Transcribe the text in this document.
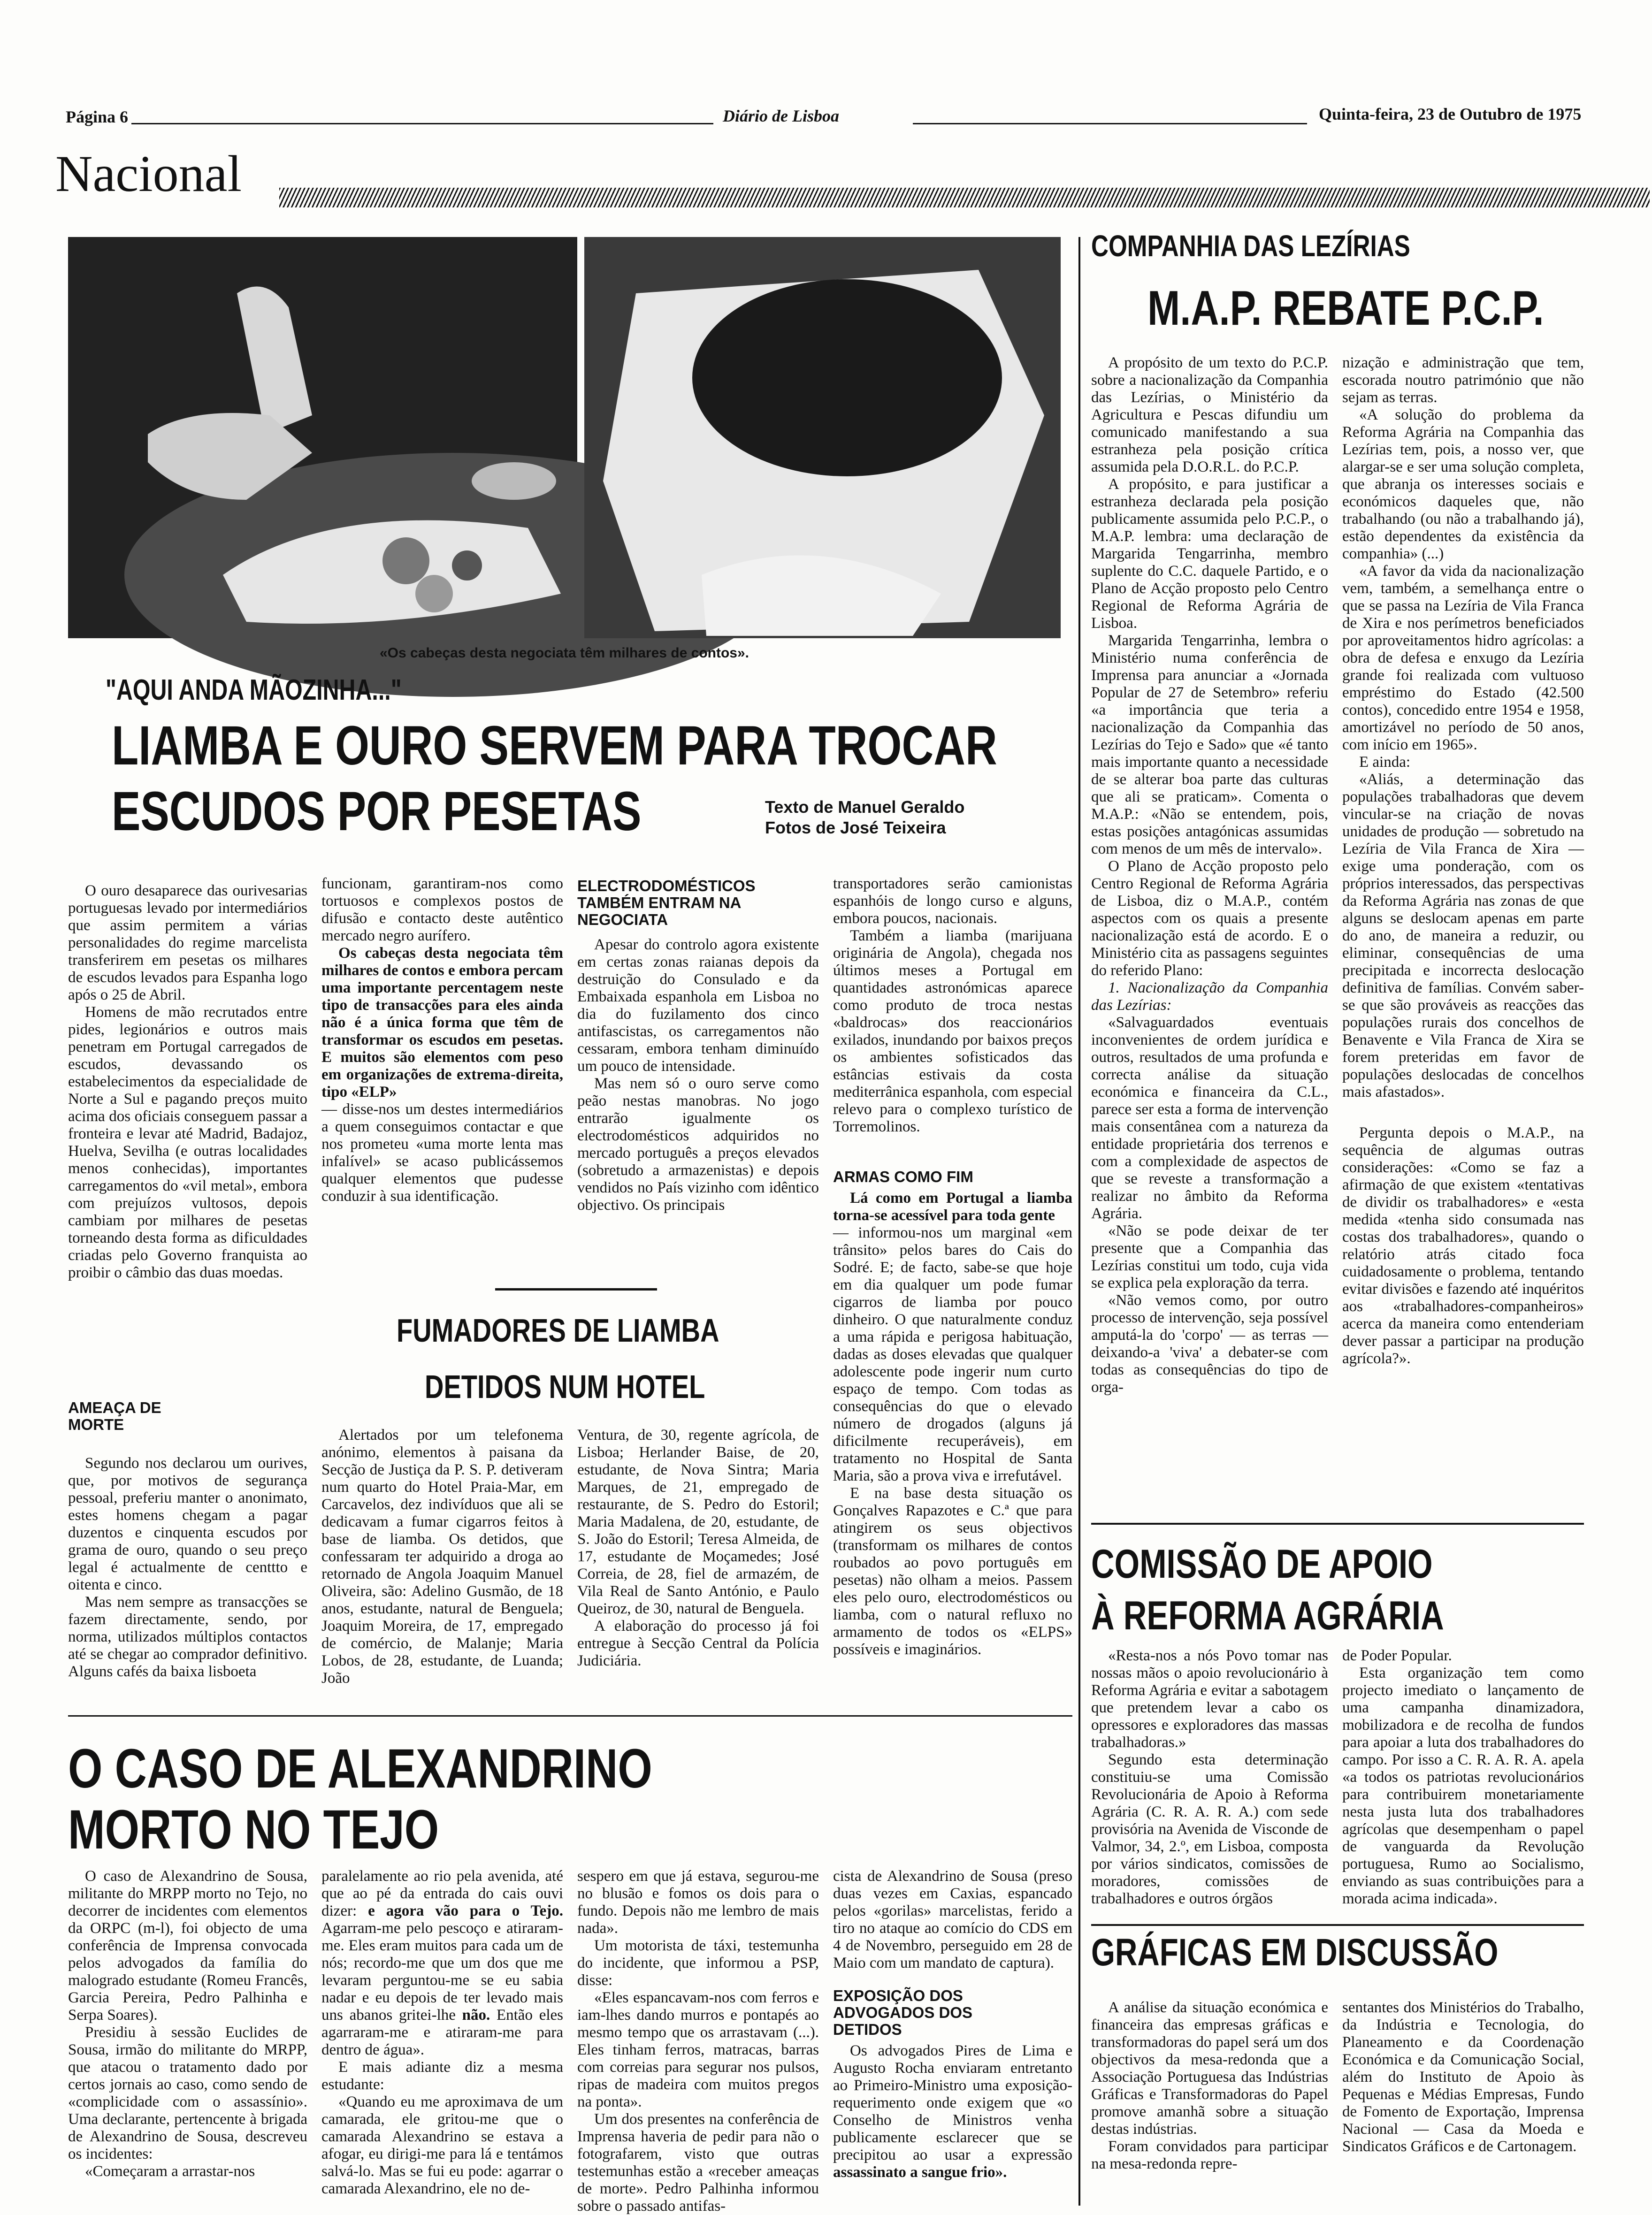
Página 6	Diário de Lisboa	Quinta-feira, 23 de Outubro de 1975
Nacional
«Os cabeças desta negociata têm milhares de contos».
"AQUI ANDA MÃOZINHA..."
LIAMBA E OURO SERVEM PARA TROCAR
ESCUDOS POR PESETAS	Texto de Manuel Geraldo
Fotos de José Teixeira

O ouro desaparece das ourivesarias portuguesas levado por intermediários que assim permitem a várias personalidades do regime marcelista transferirem em pesetas os milhares de escudos levados para Espanha logo após o 25 de Abril.

Homens de mão recrutados entre pides, legionários e outros mais penetram em Portugal carregados de escudos, devassando os estabelecimentos da especialidade de Norte a Sul e pagando preços muito acima dos oficiais conseguem passar a fronteira e levar até Madrid, Badajoz, Huelva, Sevilha (e outras localidades menos conhecidas), importantes carregamentos do «vil metal», embora com prejuízos vultosos, depois cambiam por milhares de pesetas torneando desta forma as dificuldades criadas pelo Governo franquista ao proibir o câmbio das duas moedas.

AMEAÇA DE MORTE

Segundo nos declarou um ourives, que, por motivos de segurança pessoal, preferiu manter o anonimato, estes homens chegam a pagar duzentos e cinquenta escudos por grama de ouro, quando o seu preço legal é actualmente de centtto e oitenta e cinco.

Mas nem sempre as transacções se fazem directamente, sendo, por norma, utilizados múltiplos contactos até se chegar ao comprador definitivo. Alguns cafés da baixa lisboeta

funcionam, garantiram-nos como tortuosos e complexos postos de difusão e contacto deste autêntico mercado negro aurífero.

Os cabeças desta negociata têm milhares de contos e embora percam uma importante percentagem neste tipo de transacções para eles ainda não é a única forma que têm de transformar os escudos em pesetas. E muitos são elementos com peso em organizações de extrema-direita, tipo «ELP»

— disse-nos um destes intermediários a quem conseguimos contactar e que nos prometeu «uma morte lenta mas infalível» se acaso publicássemos qualquer elementos que pudesse conduzir à sua identificação.

ELECTRODOMÉSTICOS TAMBÉM ENTRAM NA NEGOCIATA

Apesar do controlo agora existente em certas zonas raianas depois da destruição do Consulado e da Embaixada espanhola em Lisboa no dia do fuzilamento dos cinco antifascistas, os carregamentos não cessaram, embora tenham diminuído um pouco de intensidade.

Mas nem só o ouro serve como peão nestas manobras. No jogo entrarão igualmente os electrodomésticos adquiridos no mercado português a preços elevados (sobretudo a armazenistas) e depois vendidos no País vizinho com idêntico objectivo. Os principais

transportadores serão camionistas espanhóis de longo curso e alguns, embora poucos, nacionais.

Também a liamba (marijuana originária de Angola), chegada nos últimos meses a Portugal em quantidades astronómicas aparece como produto de troca nestas «baldrocas» dos reaccionários exilados, inundando por baixos preços os ambientes sofisticados das estâncias estivais da costa mediterrânica espanhola, com especial relevo para o complexo turístico de Torremolinos.

ARMAS COMO FIM

Lá como em Portugal a liamba torna-se acessível para toda gente

— informou-nos um marginal «em trânsito» pelos bares do Cais do Sodré. E; de facto, sabe-se que hoje em dia qualquer um pode fumar cigarros de liamba por pouco dinheiro. O que naturalmente conduz a uma rápida e perigosa habituação, dadas as doses elevadas que qualquer adolescente pode ingerir num curto espaço de tempo. Com todas as consequências do que o elevado número de drogados (alguns já dificilmente recuperáveis), em tratamento no Hospital de Santa Maria, são a prova viva e irrefutável.

E na base desta situação os Gonçalves Rapazotes e C.ª que para atingirem os seus objectivos (transformam os milhares de contos roubados ao povo português em pesetas) não olham a meios. Passem eles pelo ouro, electrodomésticos ou liamba, com o natural refluxo no armamento de todos os «ELPS» possíveis e imaginários.

FUMADORES DE LIAMBA
DETIDOS NUM HOTEL

Alertados por um telefonema anónimo, elementos à paisana da Secção de Justiça da P. S. P. detiveram num quarto do Hotel Praia-Mar, em Carcavelos, dez indivíduos que ali se dedicavam a fumar cigarros feitos à base de liamba. Os detidos, que confessaram ter adquirido a droga ao retornado de Angola Joaquim Manuel Oliveira, são: Adelino Gusmão, de 18 anos, estudante, natural de Benguela; Joaquim Moreira, de 17, empregado de comércio, de Malanje; Maria Lobos, de 28, estudante, de Luanda; João

Ventura, de 30, regente agrícola, de Lisboa; Herlander Baise, de 20, estudante, de Nova Sintra; Maria Marques, de 21, empregado de restaurante, de S. Pedro do Estoril; Maria Madalena, de 20, estudante, de S. João do Estoril; Teresa Almeida, de 17, estudante de Moçamedes; José Correia, de 28, fiel de armazém, de Vila Real de Santo António, e Paulo Queiroz, de 30, natural de Benguela.

A elaboração do processo já foi entregue à Secção Central da Polícia Judiciária.

O CASO DE ALEXANDRINO
MORTO NO TEJO

O caso de Alexandrino de Sousa, militante do MRPP morto no Tejo, no decorrer de incidentes com elementos da ORPC (m-l), foi objecto de uma conferência de Imprensa convocada pelos advogados da família do malogrado estudante (Romeu Francês, Garcia Pereira, Pedro Palhinha e Serpa Soares).

Presidiu à sessão Euclides de Sousa, irmão do militante do MRPP, que atacou o tratamento dado por certos jornais ao caso, como sendo de «complicidade com o assassínio». Uma declarante, pertencente à brigada de Alexandrino de Sousa, descreveu os incidentes:

«Começaram a arrastar-nos

paralelamente ao rio pela avenida, até que ao pé da entrada do cais ouvi dizer: e agora vão para o Tejo. Agarram-me pelo pescoço e atiraram-me. Eles eram muitos para cada um de nós; recordo-me que um dos que me levaram perguntou-me se eu sabia nadar e eu depois de ter levado mais uns abanos gritei-lhe não. Então eles agarraram-me e atiraram-me para dentro de água».

E mais adiante diz a mesma estudante:

«Quando eu me aproximava de um camarada, ele gritou-me que o camarada Alexandrino se estava a afogar, eu dirigi-me para lá e tentámos salvá-lo. Mas se fui eu pode: agarrar o camarada Alexandrino, ele no de-

sespero em que já estava, segurou-me no blusão e fomos os dois para o fundo. Depois não me lembro de mais nada».

Um motorista de táxi, testemunha do incidente, que informou a PSP, disse:

«Eles espancavam-nos com ferros e iam-lhes dando murros e pontapés ao mesmo tempo que os arrastavam (...). Eles tinham ferros, matracas, barras com correias para segurar nos pulsos, ripas de madeira com muitos pregos na ponta».

Um dos presentes na conferência de Imprensa haveria de pedir para não o fotografarem, visto que outras testemunhas estão a «receber ameaças de morte». Pedro Palhinha informou sobre o passado antifas-

cista de Alexandrino de Sousa (preso duas vezes em Caxias, espancado pelos «gorilas» marcelistas, ferido a tiro no ataque ao comício do CDS em 4 de Novembro, perseguido em 28 de Maio com um mandato de captura).

EXPOSIÇÃO DOS ADVOGADOS DOS DETIDOS

Os advogados Pires de Lima e Augusto Rocha enviaram entretanto ao Primeiro-Ministro uma exposição-requerimento onde exigem que «o Conselho de Ministros venha publicamente esclarecer que se precipitou ao usar a expressão assassinato a sangue frio».

COMPANHIA DAS LEZÍRIAS
M.A.P. REBATE P.C.P.

A propósito de um texto do P.C.P. sobre a nacionalização da Companhia das Lezírias, o Ministério da Agricultura e Pescas difundiu um comunicado manifestando a sua estranheza pela posição crítica assumida pela D.O.R.L. do P.C.P.

A propósito, e para justificar a estranheza declarada pela posição publicamente assumida pelo P.C.P., o M.A.P. lembra: uma declaração de Margarida Tengarrinha, membro suplente do C.C. daquele Partido, e o Plano de Acção proposto pelo Centro Regional de Reforma Agrária de Lisboa.

Margarida Tengarrinha, lembra o Ministério numa conferência de Imprensa para anunciar a «Jornada Popular de 27 de Setembro» referiu «a importância que teria a nacionalização da Companhia das Lezírias do Tejo e Sado» que «é tanto mais importante quanto a necessidade de se alterar boa parte das culturas que ali se praticam». Comenta o M.A.P.: «Não se entendem, pois, estas posições antagónicas assumidas com menos de um mês de intervalo».

O Plano de Acção proposto pelo Centro Regional de Reforma Agrária de Lisboa, diz o M.A.P., contém aspectos com os quais a presente nacionalização está de acordo. E o Ministério cita as passagens seguintes do referido Plano:

1. Nacionalização da Companhia das Lezírias:

«Salvaguardados eventuais inconvenientes de ordem jurídica e outros, resultados de uma profunda e correcta análise da situação económica e financeira da C.L., parece ser esta a forma de intervenção mais consentânea com a natureza da entidade proprietária dos terrenos e com a complexidade de aspectos de que se reveste a transformação a realizar no âmbito da Reforma Agrária.

«Não se pode deixar de ter presente que a Companhia das Lezírias constitui um todo, cuja vida se explica pela exploração da terra.

«Não vemos como, por outro processo de intervenção, seja possível amputá-la do 'corpo' — as terras — deixando-a 'viva' a debater-se com todas as consequências do tipo de orga-

nização e administração que tem, escorada noutro património que não sejam as terras.

«A solução do problema da Reforma Agrária na Companhia das Lezírias tem, pois, a nosso ver, que alargar-se e ser uma solução completa, que abranja os interesses sociais e económicos daqueles que, não trabalhando (ou não a trabalhando já), estão dependentes da existência da companhia» (...)

«A favor da vida da nacionalização vem, também, a semelhança entre o que se passa na Lezíria de Vila Franca de Xira e nos perímetros beneficiados por aproveitamentos hidro agrícolas: a obra de defesa e enxugo da Lezíria grande foi realizada com vultuoso empréstimo do Estado (42.500 contos), concedido entre 1954 e 1958, amortizável no período de 50 anos, com início em 1965».

E ainda:

«Aliás, a determinação das populações trabalhadoras que devem vincular-se na criação de novas unidades de produção — sobretudo na Lezíria de Vila Franca de Xira — exige uma ponderação, com os próprios interessados, das perspectivas da Reforma Agrária nas zonas de que alguns se deslocam apenas em parte do ano, de maneira a reduzir, ou eliminar, consequências de uma precipitada e incorrecta deslocação definitiva de famílias. Convém saber-se que são prováveis as reacções das populações rurais dos concelhos de Benavente e Vila Franca de Xira se forem preteridas em favor de populações deslocadas de concelhos mais afastados».

Pergunta depois o M.A.P., na sequência de algumas outras considerações: «Como se faz a afirmação de que existem «tentativas de dividir os trabalhadores» e «esta medida «tenha sido consumada nas costas dos trabalhadores», quando o relatório atrás citado foca cuidadosamente o problema, tentando evitar divisões e fazendo até inquéritos aos «trabalhadores-companheiros» acerca da maneira como entenderiam dever passar a participar na produção agrícola?».

COMISSÃO DE APOIO
À REFORMA AGRÁRIA

«Resta-nos a nós Povo tomar nas nossas mãos o apoio revolucionário à Reforma Agrária e evitar a sabotagem que pretendem levar a cabo os opressores e exploradores das massas trabalhadoras.»

Segundo esta determinação constituiu-se uma Comissão Revolucionária de Apoio à Reforma Agrária (C. R. A. R. A.) com sede provisória na Avenida de Visconde de Valmor, 34, 2.º, em Lisboa, composta por vários sindicatos, comissões de moradores, comissões de trabalhadores e outros órgãos

de Poder Popular.

Esta organização tem como projecto imediato o lançamento de uma campanha dinamizadora, mobilizadora e de recolha de fundos para apoiar a luta dos trabalhadores do campo. Por isso a C. R. A. R. A. apela «a todos os patriotas revolucionários para contribuirem monetariamente nesta justa luta dos trabalhadores agrícolas que desempenham o papel de vanguarda da Revolução portuguesa, Rumo ao Socialismo, enviando as suas contribuições para a morada acima indicada».

GRÁFICAS EM DISCUSSÃO

A análise da situação económica e financeira das empresas gráficas e transformadoras do papel será um dos objectivos da mesa-redonda que a Associação Portuguesa das Indústrias Gráficas e Transformadoras do Papel promove amanhã sobre a situação destas indústrias.

Foram convidados para participar na mesa-redonda repre-

sentantes dos Ministérios do Trabalho, da Indústria e Tecnologia, do Planeamento e da Coordenação Económica e da Comunicação Social, além do Instituto de Apoio às Pequenas e Médias Empresas, Fundo de Fomento de Exportação, Imprensa Nacional — Casa da Moeda e Sindicatos Gráficos e de Cartonagem.
